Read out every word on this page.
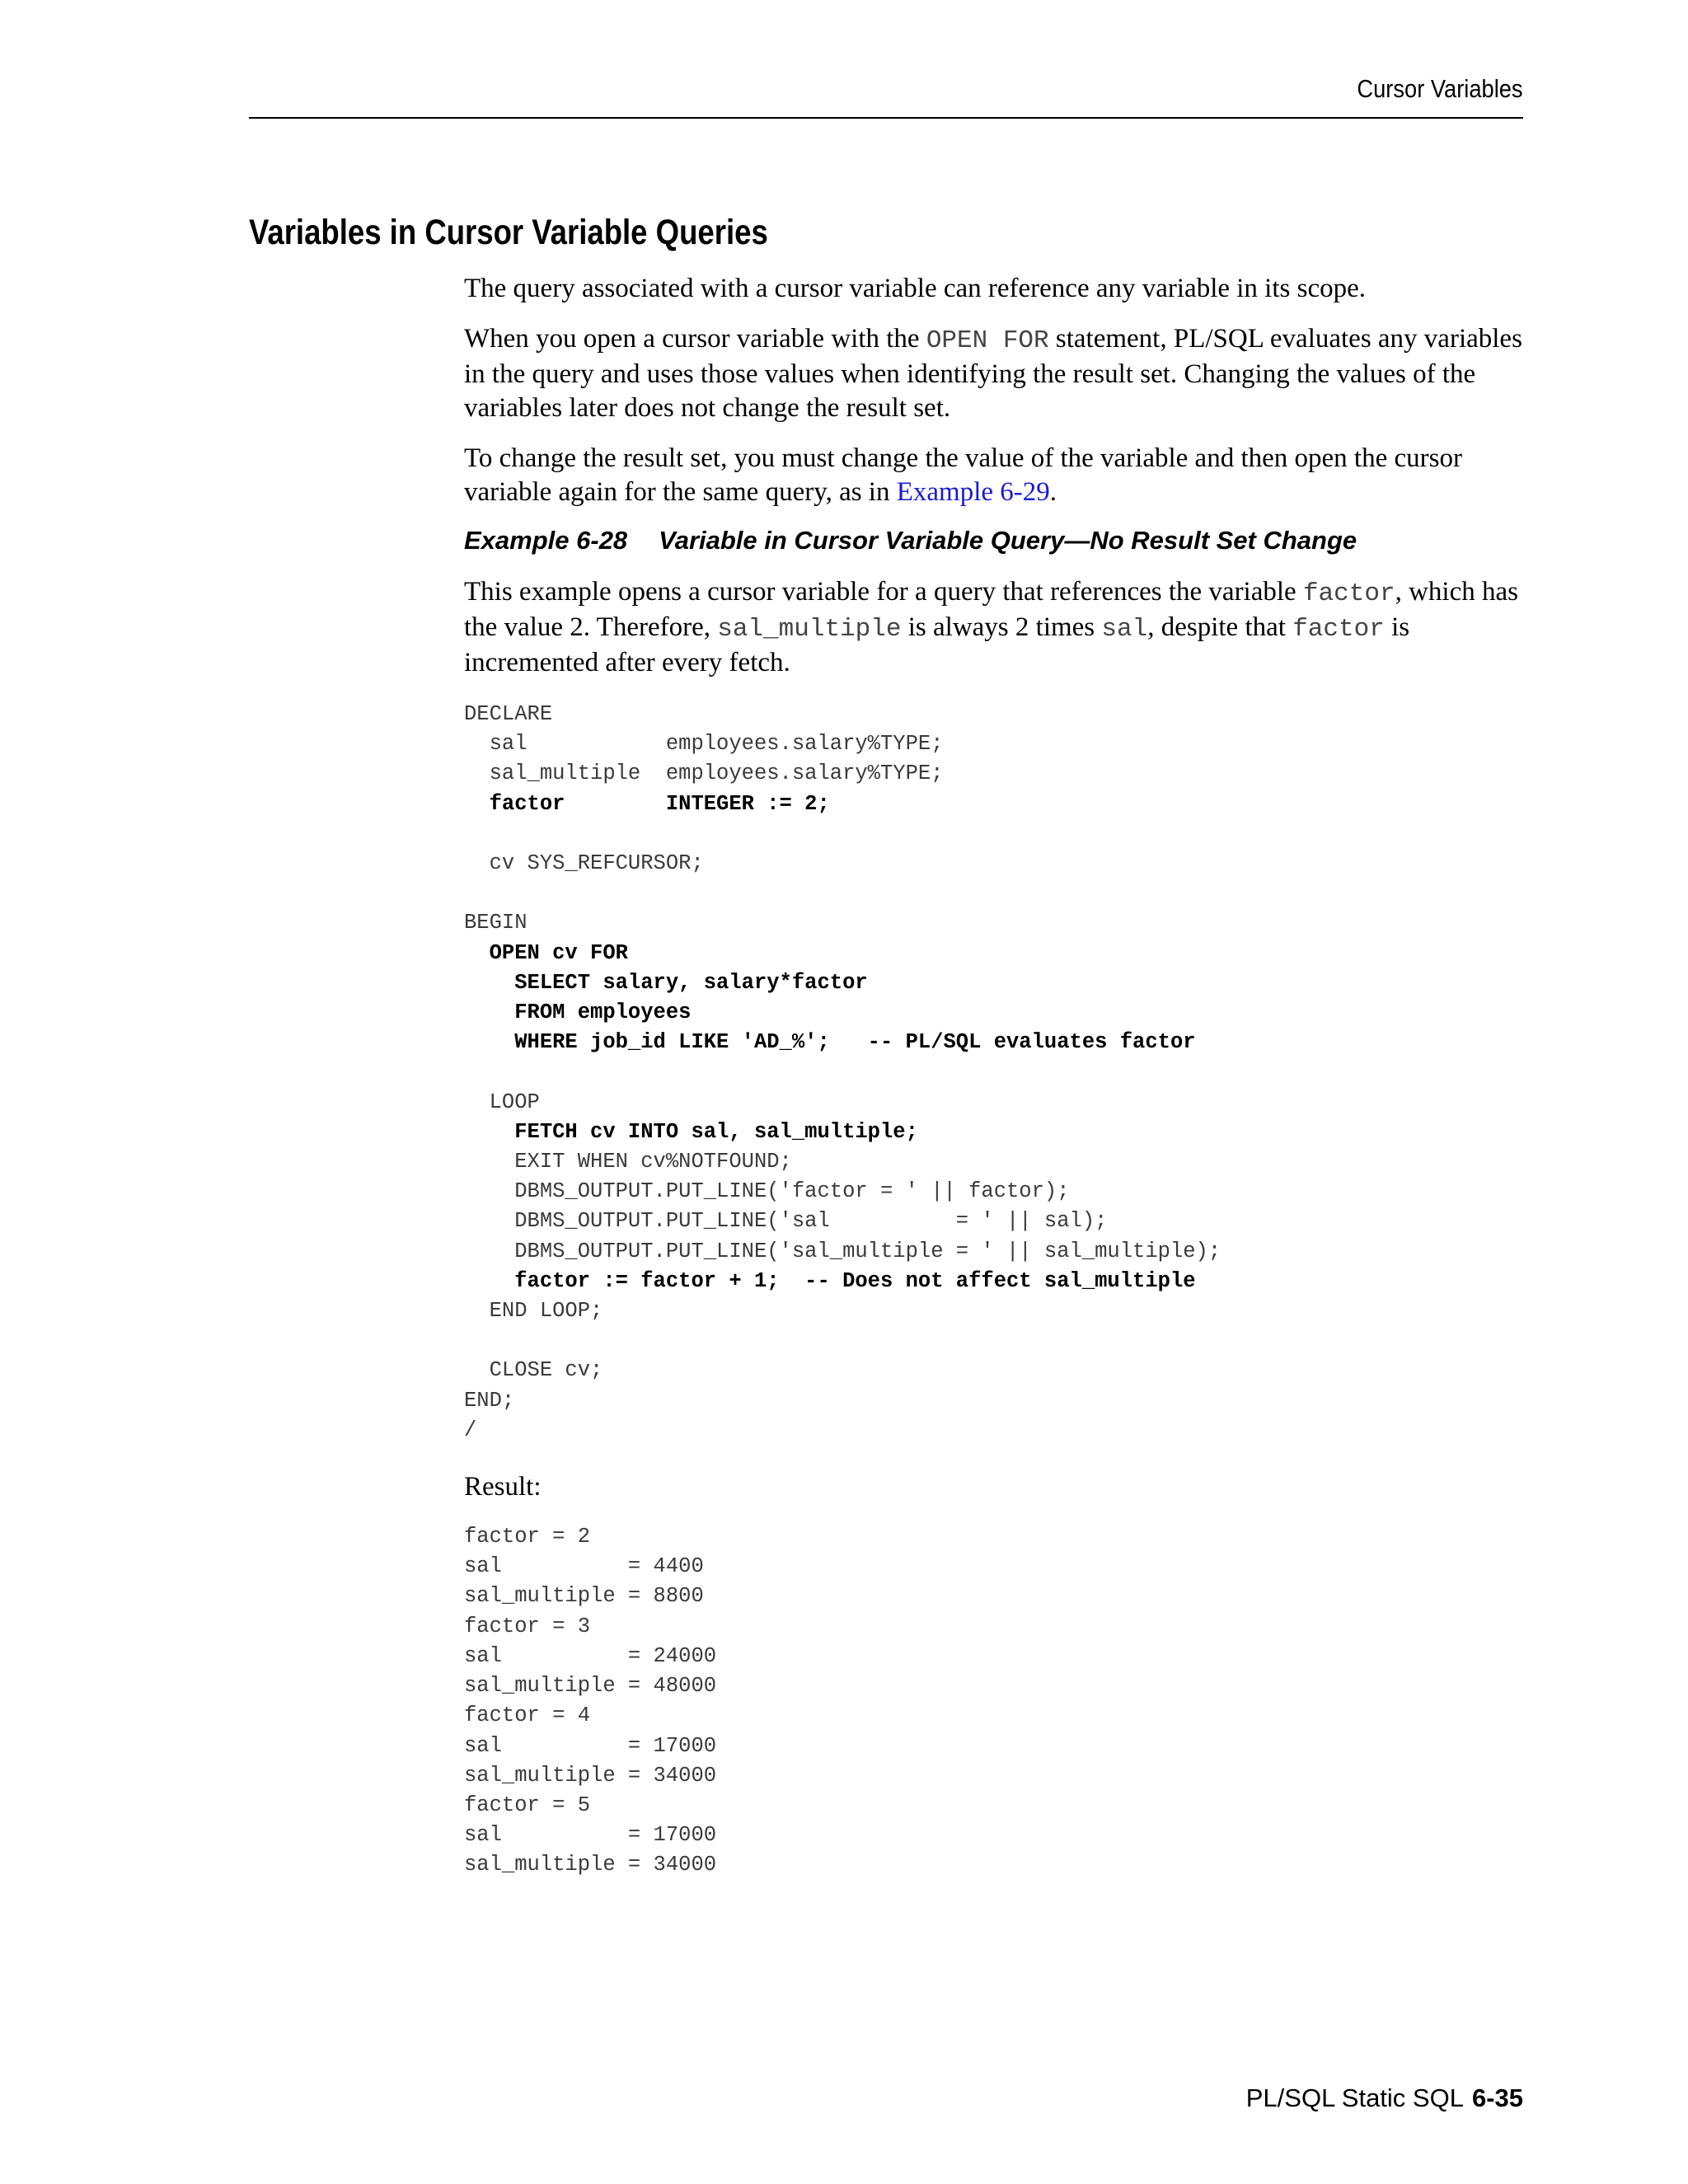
Cursor Variables
Variables in Cursor Variable Queries

The query associated with a cursor variable can reference any variable in its scope.

When you open a cursor variable with the OPEN FOR statement, PL/SQL evaluates any variables in the query and uses those values when identifying the result set. Changing the values of the variables later does not change the result set.

To change the result set, you must change the value of the variable and then open the cursor variable again for the same query, as in Example 6-29.

Example 6-28 Variable in Cursor Variable Query—No Result Set Change

This example opens a cursor variable for a query that references the variable factor, which has the value 2. Therefore, sal_multiple is always 2 times sal, despite that factor is incremented after every fetch.

DECLARE
sal           employees.salary%TYPE;
sal_multiple  employees.salary%TYPE;
factor        INTEGER := 2;

cv SYS_REFCURSOR;

BEGIN
OPEN cv FOR
SELECT salary, salary*factor
FROM employees
WHERE job_id LIKE 'AD_%';   -- PL/SQL evaluates factor

LOOP
FETCH cv INTO sal, sal_multiple;
EXIT WHEN cv%NOTFOUND;
DBMS_OUTPUT.PUT_LINE('factor = ' || factor);
DBMS_OUTPUT.PUT_LINE('sal          = ' || sal);
DBMS_OUTPUT.PUT_LINE('sal_multiple = ' || sal_multiple);
factor := factor + 1;  -- Does not affect sal_multiple
END LOOP;

CLOSE cv;
END;
/
Result:
factor = 2
sal          = 4400
sal_multiple = 8800
factor = 3
sal          = 24000
sal_multiple = 48000
factor = 4
sal          = 17000
sal_multiple = 34000
factor = 5
sal          = 17000
sal_multiple = 34000
PL/SQL Static SQL 6-35
